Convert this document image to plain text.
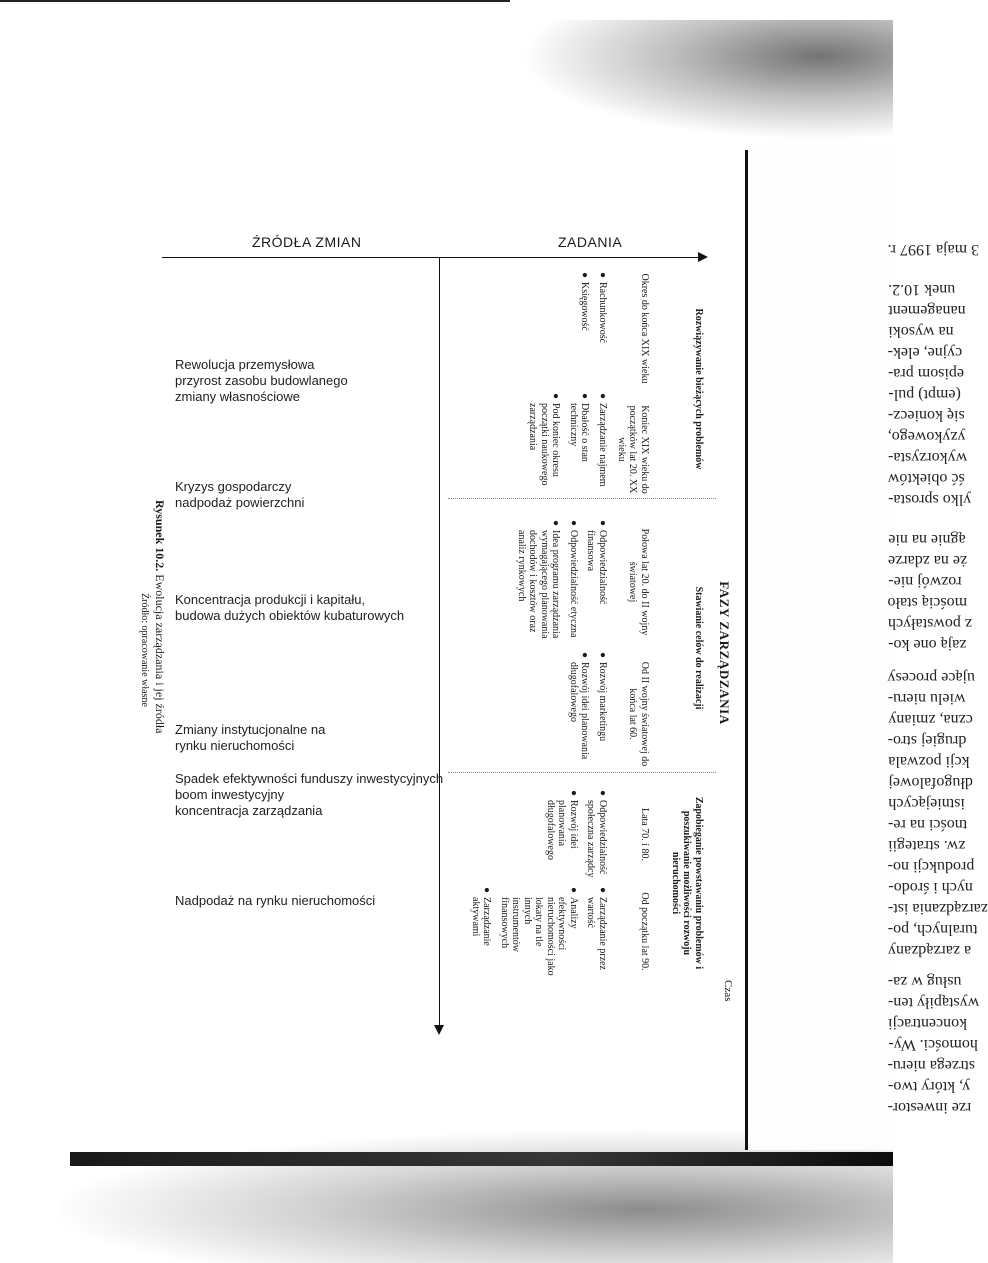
3 maja 1997 r.
unek 10.2.
nanagement
na wysoki
cyjne, elek-
episom pra-
(empt) pul-
się koniecz-
yzykowego,
wykorzysta-
ść obiektów
ylko sprosta-
ągnie na nie
że na zdarze
rozwój nie-
mością stało
z powstałych
zają one ko-
ujące procesy
wielu nieru-
czna, zmiany
drugiej stro-
kcji pozwala
długofalowej
istniejących
tności na re-
zw. strategii
produkcji no-
nych i środo-
zarządzania ist-
turalnych, po-
a zarządzany
usług w za-
wystąpiły ten-
koncentracji
homości. Wy-
strzega nieru-
y, który two-
rze inwestor-
ŹRÓDŁA ZMIAN	ZADANIA
Rewolucja przemysłowa
przyrost zasobu budowlanego
zmiany własnościowe
Kryzys gospodarczy
nadpodaż powierzchni
Koncentracja produkcji i kapitału,
budowa dużych obiektów kubaturowych
Zmiany instytucjonalne na
rynku nieruchomości
Spadek efektywności funduszy inwestycyjnych
boom inwestycyjny
koncentracja zarządzania
Nadpodaż na rynku nieruchomości
FAZY ZARZĄDZANIA
Rozwiązywanie bieżących problemów
Okres do końca XIX wieku
●
Rachunkowość
●
Księgowość
Koniec XIX wieku do początków lat 20. XX wieku
●
Zarządzanie najmem
●
Dbałość o stan techniczny
●
Pod koniec okresu początki naukowego zarządzania
Stawianie celów do realizacji
Połowa lat 20. do II wojny światowej
●
Odpowiedzialność finansowa
●
Odpowiedzialność etyczna
●
Idea programu zarządzania wymagającego planowania dochodów i kosztów oraz analiz rynkowych
Od II wojny światowej do końca lat 60.
●
Rozwój marketingu
●
Rozwój idei planowania długofalowego
Zapobieganie powstawaniu problemów i poszukiwanie możliwości rozwoju nieruchomości
Lata 70. i 80.
●
Odpowiedzialność społeczna zarządcy
●
Rozwój idei planowania długofalowego
Od początku lat 90.
●
Zarządzanie przez wartość
●
Analizy efektywności nieruchomości jako lokaty na tle innych instrumentów finansowych
●
Zarządzanie aktywami
Czas
Rysunek 10.2. Ewolucja zarządzania i jej źródła
Źródło: opracowanie własne
